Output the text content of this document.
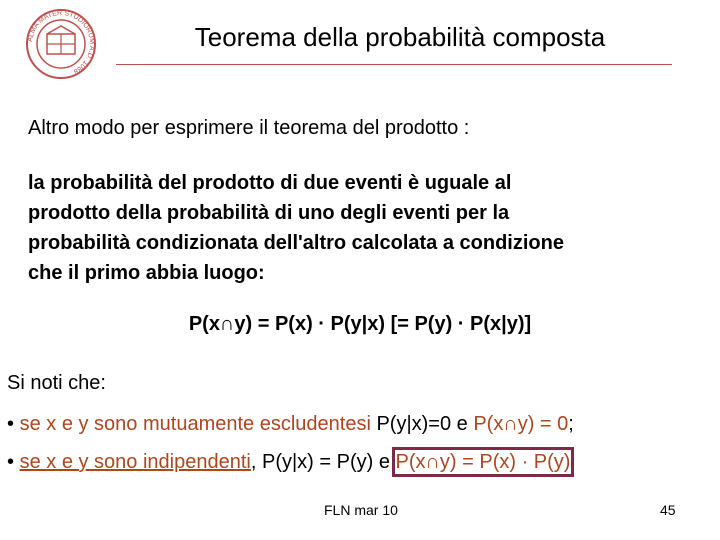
ALMA MATER STUDIORUM A.D. 1088
Teorema della probabilità composta
Altro modo per esprimere il teorema del prodotto :
la probabilità del prodotto di due eventi è uguale al
prodotto della probabilità di uno degli eventi per la
probabilità condizionata dell'altro calcolata a condizione
che il primo abbia luogo:
P(x∩y) = P(x) · P(y|x) [= P(y) · P(x|y)]
Si noti che:
• se x e y sono mutuamente escludentesi P(y|x)=0 e P(x∩y) = 0;
• se x e y sono indipendenti, P(y|x) = P(y) e P(x∩y) = P(x) · P(y)
FLN mar 10	45
